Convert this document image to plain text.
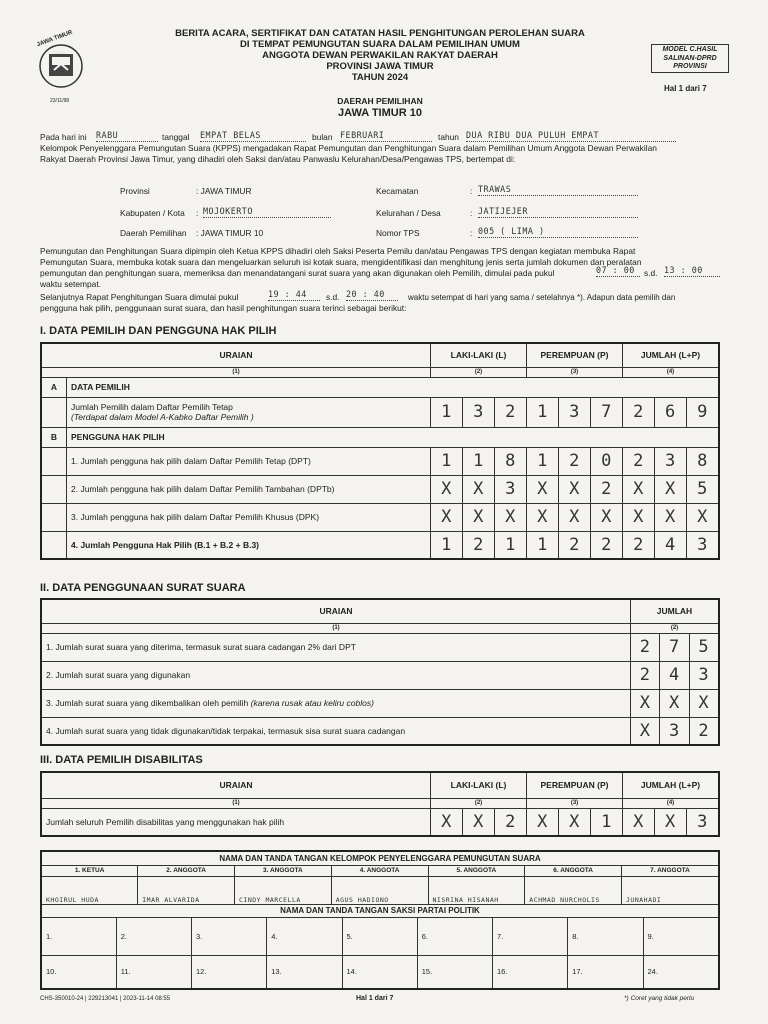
JAWA TIMUR
KOMISI
23/11/98
BERITA ACARA, SERTIFIKAT DAN CATATAN HASIL PENGHITUNGAN PEROLEHAN SUARA
DI TEMPAT PEMUNGUTAN SUARA DALAM PEMILIHAN UMUM
ANGGOTA DEWAN PERWAKILAN RAKYAT DAERAH
PROVINSI JAWA TIMUR
TAHUN 2024
MODEL C.HASIL
SALINAN-DPRD
PROVINSI
Hal 1 dari 7
DAERAH PEMILIHAN
JAWA TIMUR 10
Pada hari ini RABU	tanggal EMPAT BELAS	bulan FEBRUARI	tahun DUA RIBU DUA PULUH EMPAT
Kelompok Penyelenggara Pemungutan Suara (KPPS) mengadakan Rapat Pemungutan dan Penghitungan Suara dalam Pemilihan Umum Anggota Dewan Perwakilan
Rakyat Daerah Provinsi Jawa Timur, yang dihadiri oleh Saksi dan/atau Panwaslu Kelurahan/Desa/Pengawas TPS, bertempat di:
Provinsi	: JAWA TIMUR
Kabupaten / Kota : MOJOKERTO
Daerah Pemilihan : JAWA TIMUR 10
Kecamatan	: TRAWAS
Kelurahan / Desa	: JATIJEJER
Nomor TPS	: 005 ( LIMA )
Pemungutan dan Penghitungan Suara dipimpin oleh Ketua KPPS dihadiri oleh Saksi Peserta Pemilu dan/atau Pengawas TPS dengan kegiatan membuka Rapat
Pemungutan Suara, membuka kotak suara dan mengeluarkan seluruh isi kotak suara, mengidentifikasi dan menghitung jenis serta jumlah dokumen dan peralatan
pemungutan dan penghitungan suara, memeriksa dan menandatangani surat suara yang akan digunakan oleh Pemilih, dimulai pada pukul	07 : 00	s.d. 13 : 00
waktu setempat.
Selanjutnya Rapat Penghitungan Suara dimulai pukul	19 : 44	s.d. 20 : 40	waktu setempat di hari yang sama / setelahnya *). Adapun data pemilih dan
pengguna hak pilih, penggunaan surat suara, dan hasil penghitungan suara terinci sebagai berikut:
I. DATA PEMILIH DAN PENGGUNA HAK PILIH
URAIAN		LAKI-LAKI (L)			PEREMPUAN (P)			JUMLAH (L+P)		
(1)		(2)			(3)			(4)		
A	DATA PEMILIH									

	Jumlah Pemilih dalam Daftar Pemilih Tetap
(Terdapat dalam Model A-Kabko Daftar Pemilih )	1	3	2	1	3	7	2	6	9
B	PENGGUNA HAK PILIH									
	1. Jumlah pengguna hak pilih dalam Daftar Pemilih Tetap (DPT)	1	1	8	1	2	0	2	3	8
	2. Jumlah pengguna hak pilih dalam Daftar Pemilih Tambahan (DPTb)	X	X	3	X	X	2	X	X	5
	3. Jumlah pengguna hak pilih dalam Daftar Pemilih Khusus (DPK)	X	X	X	X	X	X	X	X	X
	4. Jumlah Pengguna Hak Pilih (B.1 + B.2 + B.3)	1	2	1	1	2	2	2	4	3
II. DATA PENGGUNAAN SURAT SUARA
URAIAN	JUMLAH		
(1)	(2)		
1. Jumlah surat suara yang diterima, termasuk surat suara cadangan 2% dari DPT	2	7	5
2. Jumlah surat suara yang digunakan	2	4	3
3. Jumlah surat suara yang dikembalikan oleh pemilih (karena rusak atau keliru coblos)	X	X	X
4. Jumlah surat suara yang tidak digunakan/tidak terpakai, termasuk sisa surat suara cadangan	X	3	2
III. DATA PEMILIH DISABILITAS
URAIAN	LAKI-LAKI (L)			PEREMPUAN (P)			JUMLAH (L+P)		
(1)	(2)			(3)			(4)		
Jumlah seluruh Pemilih disabilitas yang menggunakan hak pilih	X	X	2	X	X	1	X	X	3
NAMA DAN TANDA TANGAN KELOMPOK PENYELENGGARA PEMUNGUTAN SUARA														
1. KETUA		2. ANGGOTA		3. ANGGOTA		4. ANGGOTA			5. ANGGOTA		6. ANGGOTA		7. ANGGOTA	
KHOIRUL HUDA		IMAR ALVARIDA		CINDY MARCELLA		AGUS HADIONO			NISRINA HISANAH		ACHMAD NURCHOLIS		JUNAHADI	
NAMA DAN TANDA TANGAN SAKSI PARTAI POLITIK														
1.	2.		3.		4.		5.	6.		7.		8.		9.
10.	11.		12.		13.		14.	15.		16.		17.		24.
CHS-350010-24 | 229213041 | 2023-11-14 08:55	Hal 1 dari 7	*) Coret yang tidak perlu
